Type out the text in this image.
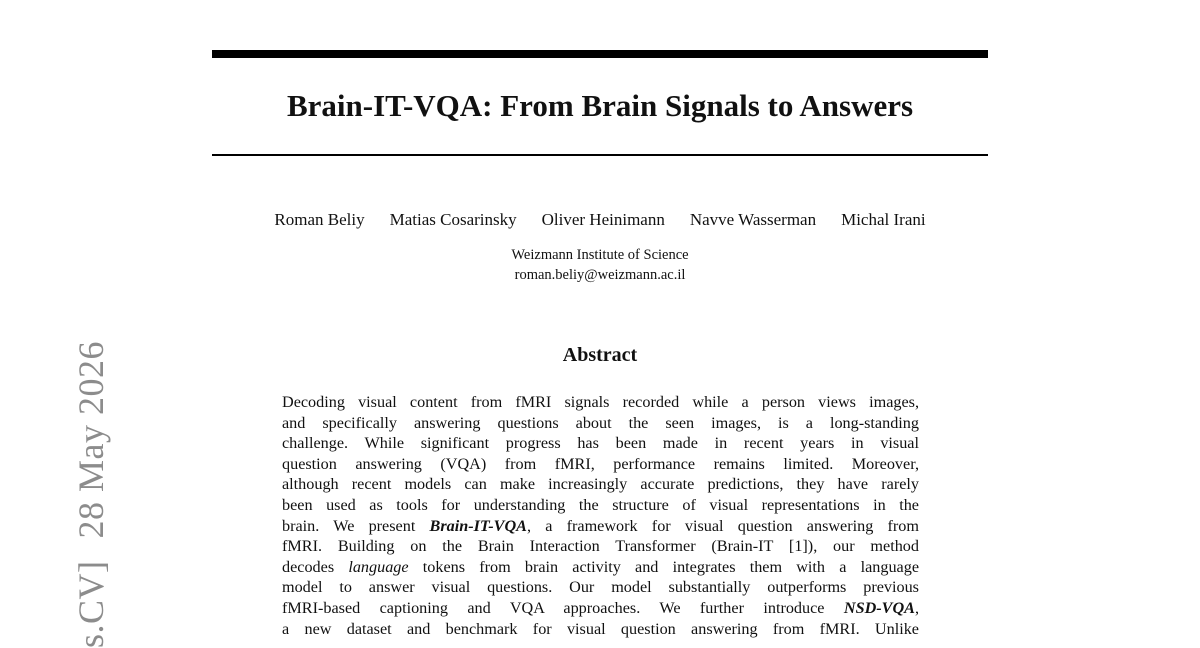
s.CV]28 May 2026
Brain-IT-VQA: From Brain Signals to Answers
Roman Beliy Matias Cosarinsky Oliver Heinimann Navve Wasserman Michal Irani
Weizmann Institute of Science
roman.beliy@weizmann.ac.il
Abstract
Decoding visual content from fMRI signals recorded while a person views images,
and specifically answering questions about the seen images, is a long-standing
challenge. While significant progress has been made in recent years in visual
question answering (VQA) from fMRI, performance remains limited. Moreover,
although recent models can make increasingly accurate predictions, they have rarely
been used as tools for understanding the structure of visual representations in the
brain. We present Brain-IT-VQA, a framework for visual question answering from
fMRI. Building on the Brain Interaction Transformer (Brain-IT [1]), our method
decodes language tokens from brain activity and integrates them with a language
model to answer visual questions. Our model substantially outperforms previous
fMRI-based captioning and VQA approaches. We further introduce NSD-VQA,
a new dataset and benchmark for visual question answering from fMRI. Unlike
